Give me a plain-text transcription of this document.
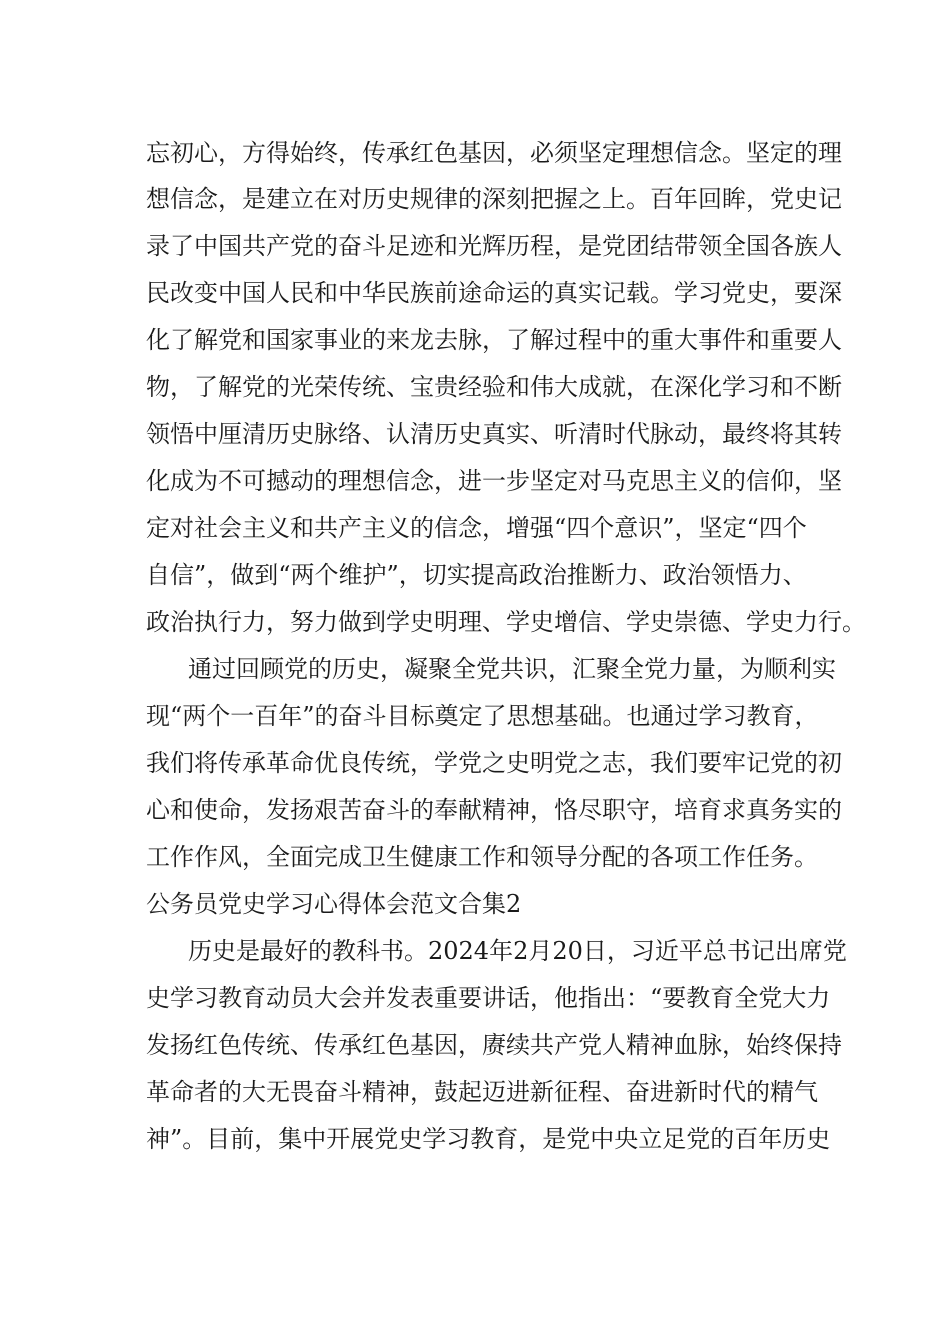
忘初心，方得始终，传承红色基因，必须坚定理想信念。坚定的理
想信念，是建立在对历史规律的深刻把握之上。百年回眸，党史记
录了中国共产党的奋斗足迹和光辉历程，是党团结带领全国各族人
民改变中国人民和中华民族前途命运的真实记载。学习党史，要深
化了解党和国家事业的来龙去脉，了解过程中的重大事件和重要人
物，了解党的光荣传统、宝贵经验和伟大成就，在深化学习和不断
领悟中厘清历史脉络、认清历史真实、听清时代脉动，最终将其转
化成为不可撼动的理想信念，进一步坚定对马克思主义的信仰，坚
定对社会主义和共产主义的信念，增强“四个意识”，坚定“四个
自信”，做到“两个维护”，切实提高政治推断力、政治领悟力、
政治执行力，努力做到学史明理、学史增信、学史崇德、学史力行。
通过回顾党的历史，凝聚全党共识，汇聚全党力量，为顺利实
现“两个一百年”的奋斗目标奠定了思想基础。也通过学习教育，
我们将传承革命优良传统，学党之史明党之志，我们要牢记党的初
心和使命，发扬艰苦奋斗的奉献精神，恪尽职守，培育求真务实的
工作作风，全面完成卫生健康工作和领导分配的各项工作任务。
公务员党史学习心得体会范文合集2
历史是最好的教科书。2024年2月20日，习近平总书记出席党
史学习教育动员大会并发表重要讲话，他指出：“要教育全党大力
发扬红色传统、传承红色基因，赓续共产党人精神血脉，始终保持
革命者的大无畏奋斗精神，鼓起迈进新征程、奋进新时代的精气
神”。目前，集中开展党史学习教育，是党中央立足党的百年历史
